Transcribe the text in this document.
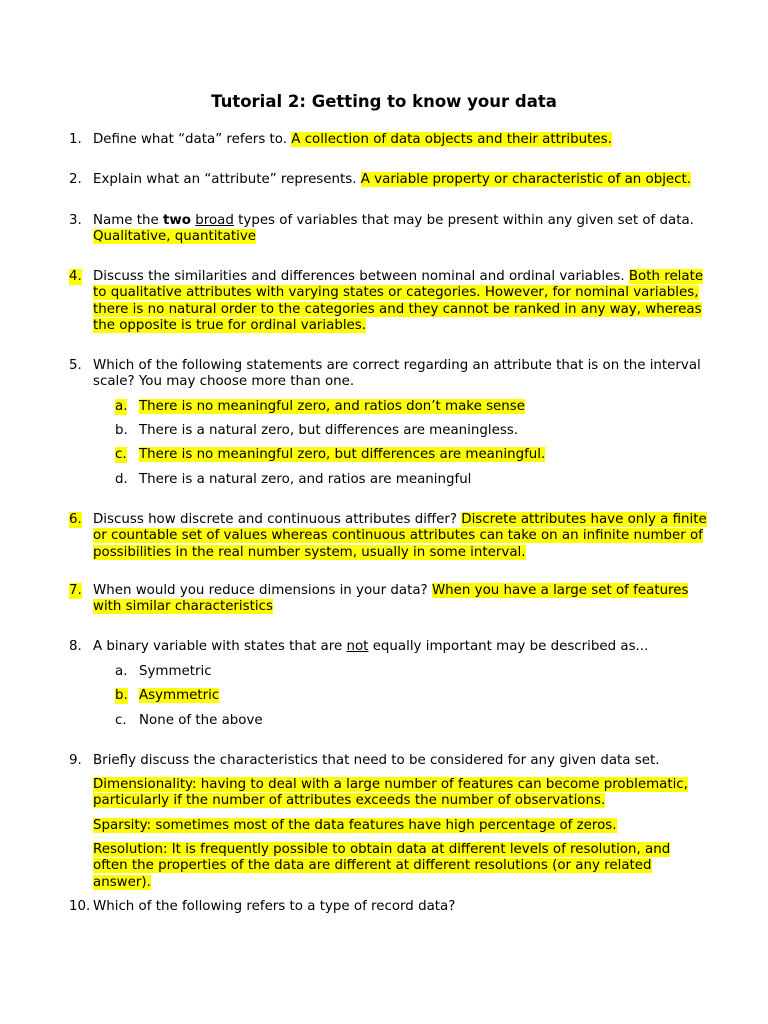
Tutorial 2: Getting to know your data
1. Define what “data” refers to. A collection of data objects and their attributes.
2. Explain what an “attribute” represents. A variable property or characteristic of an object.
3. Name the two broad types of variables that may be present within any given set of data.
Qualitative, quantitative
4. Discuss the similarities and differences between nominal and ordinal variables. Both relate to qualitative attributes with varying states or categories. However, for nominal variables, there is no natural order to the categories and they cannot be ranked in any way, whereas the opposite is true for ordinal variables.
5. Which of the following statements are correct regarding an attribute that is on the interval scale? You may choose more than one.
a. There is no meaningful zero, and ratios don’t make sense
b. There is a natural zero, but differences are meaningless.
c. There is no meaningful zero, but differences are meaningful.
d. There is a natural zero, and ratios are meaningful
6. Discuss how discrete and continuous attributes differ? Discrete attributes have only a finite or countable set of values whereas continuous attributes can take on an infinite number of possibilities in the real number system, usually in some interval.
7. When would you reduce dimensions in your data? When you have a large set of features with similar characteristics
8. A binary variable with states that are not equally important may be described as...
a. Symmetric
b. Asymmetric
c. None of the above
9. Briefly discuss the characteristics that need to be considered for any given data set.
Dimensionality: having to deal with a large number of features can become problematic, particularly if the number of attributes exceeds the number of observations.
Sparsity: sometimes most of the data features have high percentage of zeros.
Resolution: It is frequently possible to obtain data at different levels of resolution, and often the properties of the data are different at different resolutions (or any related answer).
10. Which of the following refers to a type of record data?
